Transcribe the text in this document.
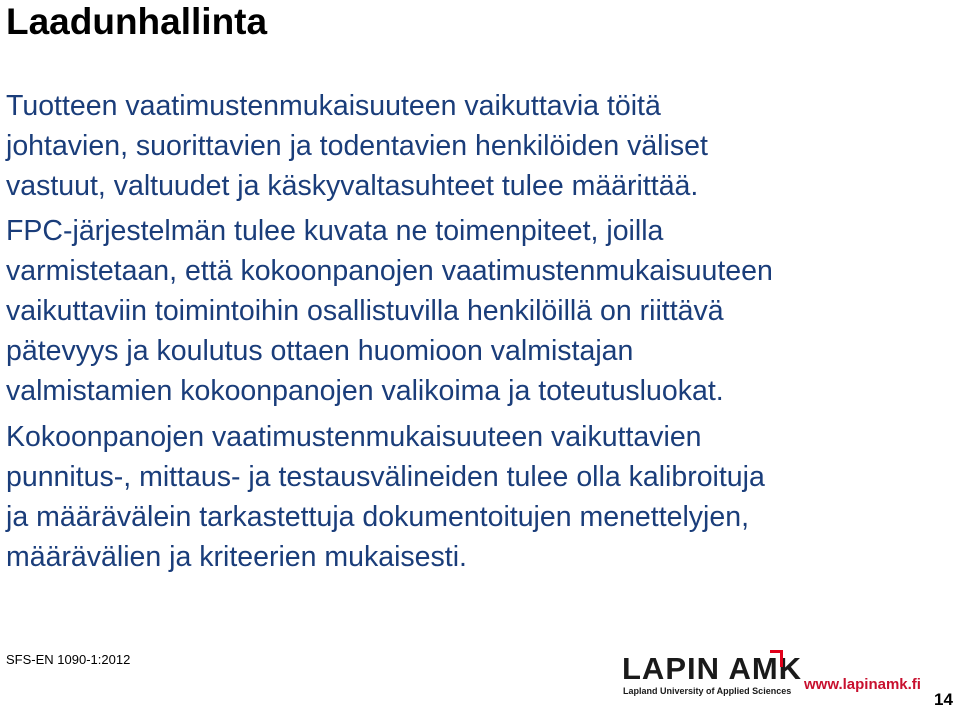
Laadunhallinta

Tuotteen vaatimustenmukaisuuteen vaikuttavia töitä
johtavien, suorittavien ja todentavien henkilöiden väliset
vastuut, valtuudet ja käskyvaltasuhteet tulee määrittää.

FPC-järjestelmän tulee kuvata ne toimenpiteet, joilla
varmistetaan, että kokoonpanojen vaatimustenmukaisuuteen
vaikuttaviin toimintoihin osallistuvilla henkilöillä on riittävä
pätevyys ja koulutus ottaen huomioon valmistajan
valmistamien kokoonpanojen valikoima ja toteutusluokat.

Kokoonpanojen vaatimustenmukaisuuteen vaikuttavien
punnitus-, mittaus- ja testausvälineiden tulee olla kalibroituja
ja määrävälein tarkastettuja dokumentoitujen menettelyjen,
määrävälien ja kriteerien mukaisesti.

SFS-EN 1090-1:2012	LAPIN AMK
Lapland University of Applied Sciences www.lapinamk.fi
14
